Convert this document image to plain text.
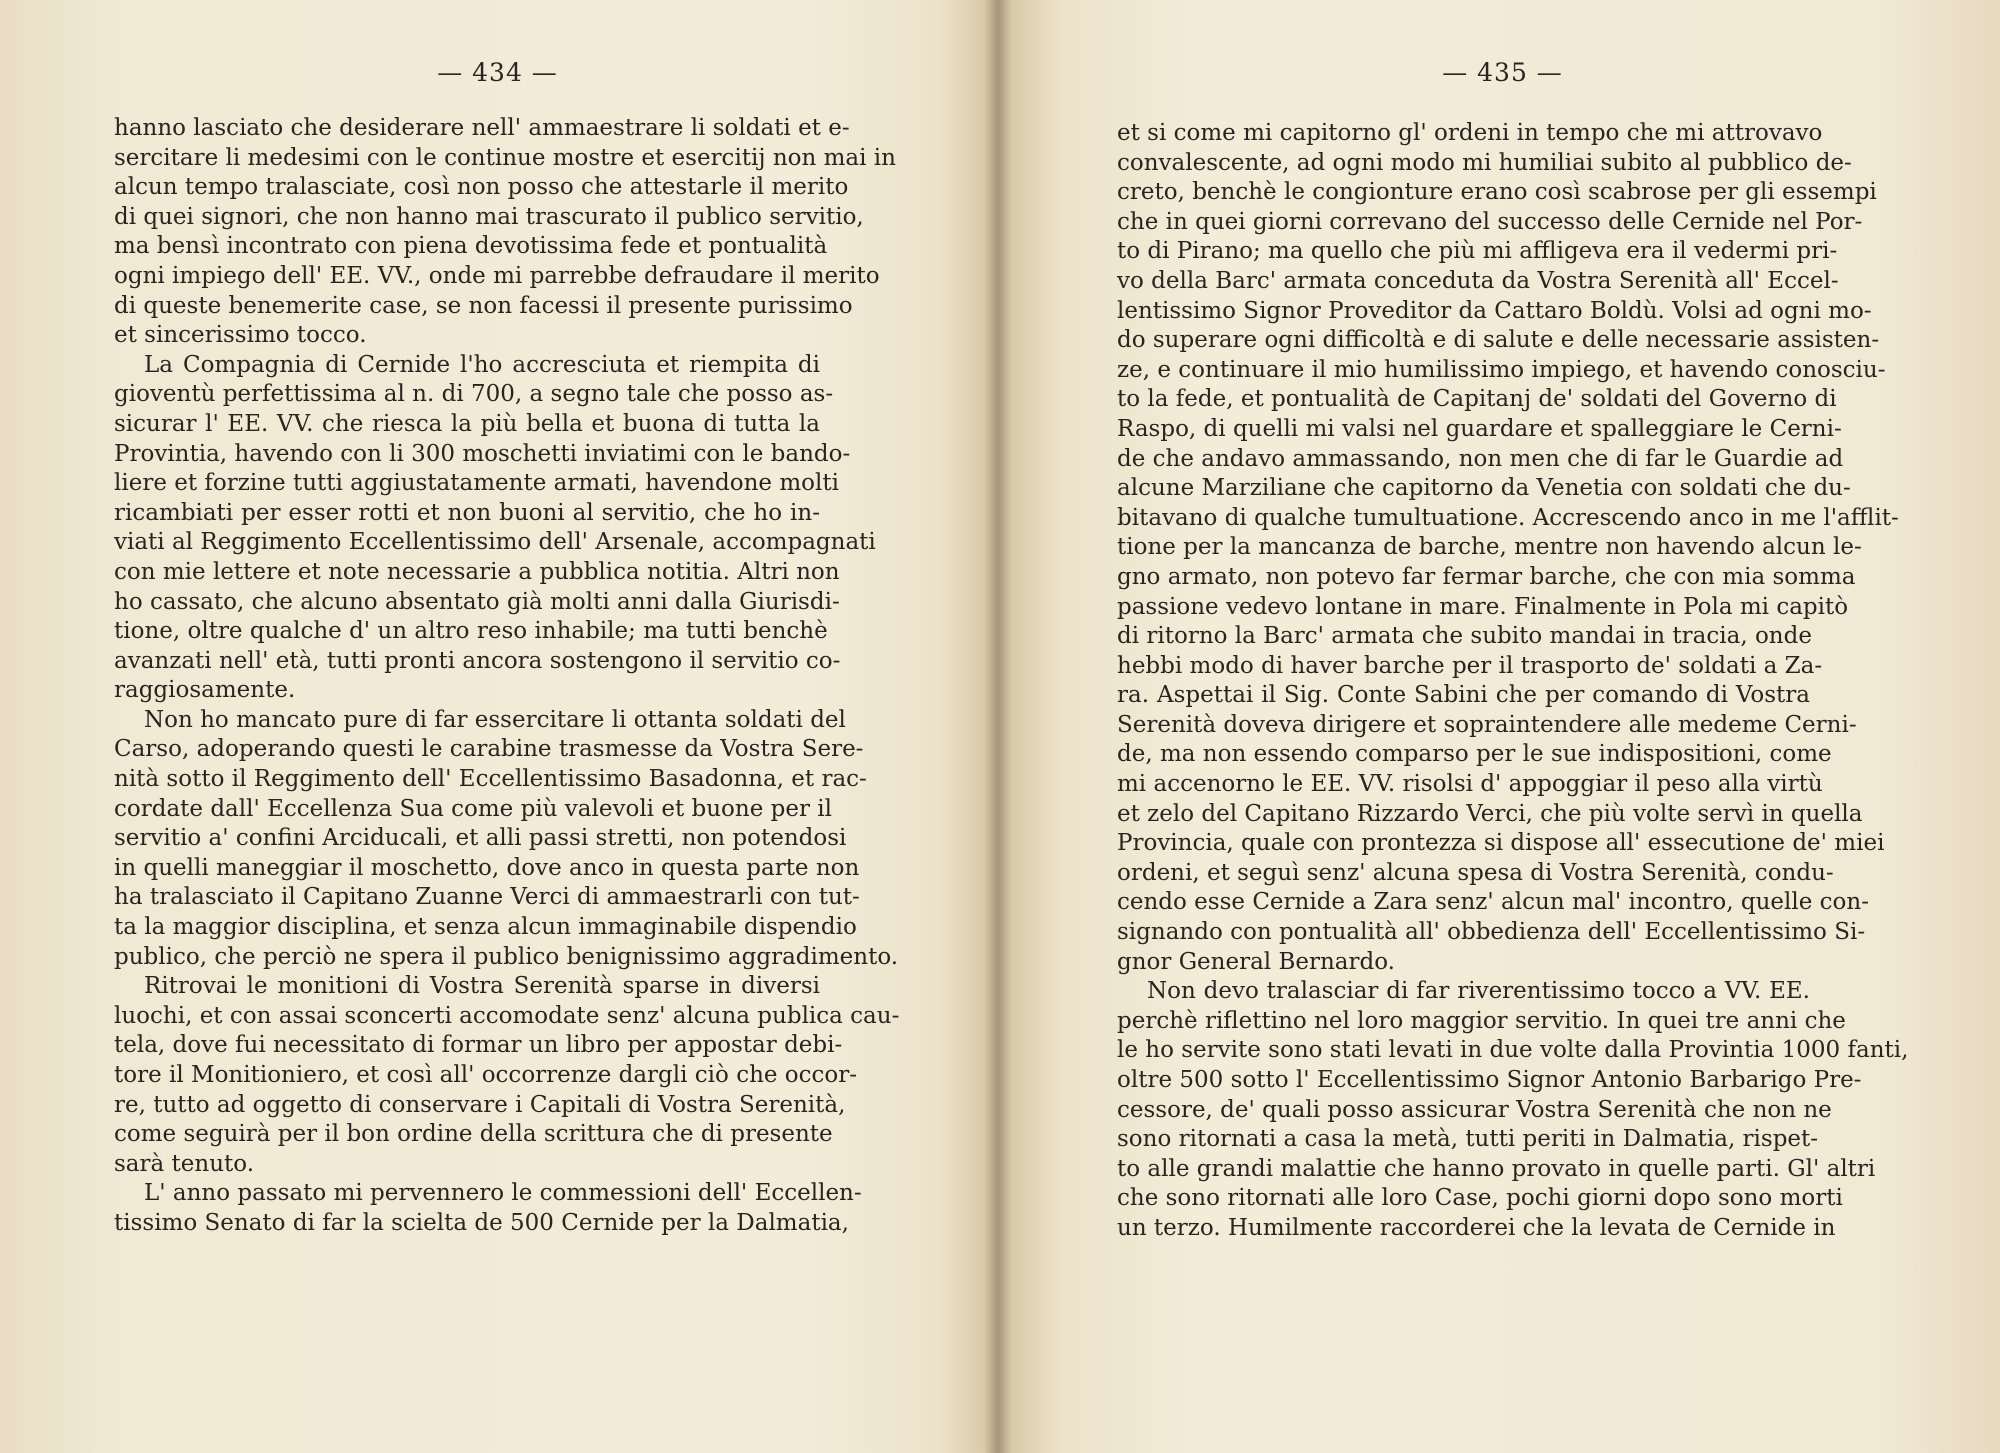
— 434 —
hanno lasciato che desiderare nell' ammaestrare li soldati et e-
sercitare li medesimi con le continue mostre et esercitij non mai in
alcun tempo tralasciate, così non posso che attestarle il merito
di quei signori, che non hanno mai trascurato il publico servitio,
ma bensì incontrato con piena devotissima fede et pontualità
ogni impiego dell' EE. VV., onde mi parrebbe defraudare il merito
di queste benemerite case, se non facessi il presente purissimo
et sincerissimo tocco.
La Compagnia di Cernide l'ho accresciuta et riempita di
gioventù perfettissima al n. di 700, a segno tale che posso as-
sicurar l' EE. VV. che riesca la più bella et buona di tutta la
Provintia, havendo con li 300 moschetti inviatimi con le bando-
liere et forzine tutti aggiustatamente armati, havendone molti
ricambiati per esser rotti et non buoni al servitio, che ho in-
viati al Reggimento Eccellentissimo dell' Arsenale, accompagnati
con mie lettere et note necessarie a pubblica notitia. Altri non
ho cassato, che alcuno absentato già molti anni dalla Giurisdi-
tione, oltre qualche d' un altro reso inhabile; ma tutti benchè
avanzati nell' età, tutti pronti ancora sostengono il servitio co-
raggiosamente.
Non ho mancato pure di far essercitare li ottanta soldati del
Carso, adoperando questi le carabine trasmesse da Vostra Sere-
nità sotto il Reggimento dell' Eccellentissimo Basadonna, et rac-
cordate dall' Eccellenza Sua come più valevoli et buone per il
servitio a' confini Arciducali, et alli passi stretti, non potendosi
in quelli maneggiar il moschetto, dove anco in questa parte non
ha tralasciato il Capitano Zuanne Verci di ammaestrarli con tut-
ta la maggior disciplina, et senza alcun immaginabile dispendio
publico, che perciò ne spera il publico benignissimo aggradimento.
Ritrovai le monitioni di Vostra Serenità sparse in diversi
luochi, et con assai sconcerti accomodate senz' alcuna publica cau-
tela, dove fui necessitato di formar un libro per appostar debi-
tore il Monitioniero, et così all' occorrenze dargli ciò che occor-
re, tutto ad oggetto di conservare i Capitali di Vostra Serenità,
come seguirà per il bon ordine della scrittura che di presente
sarà tenuto.
L' anno passato mi pervennero le commessioni dell' Eccellen-
tissimo Senato di far la scielta de 500 Cernide per la Dalmatia,
— 435 —
et si come mi capitorno gl' ordeni in tempo che mi attrovavo
convalescente, ad ogni modo mi humiliai subito al pubblico de-
creto, benchè le congionture erano così scabrose per gli essempi
che in quei giorni correvano del successo delle Cernide nel Por-
to di Pirano; ma quello che più mi affligeva era il vedermi pri-
vo della Barc' armata conceduta da Vostra Serenità all' Eccel-
lentissimo Signor Proveditor da Cattaro Boldù. Volsi ad ogni mo-
do superare ogni difficoltà e di salute e delle necessarie assisten-
ze, e continuare il mio humilissimo impiego, et havendo conosciu-
to la fede, et pontualità de Capitanj de' soldati del Governo di
Raspo, di quelli mi valsi nel guardare et spalleggiare le Cerni-
de che andavo ammassando, non men che di far le Guardie ad
alcune Marziliane che capitorno da Venetia con soldati che du-
bitavano di qualche tumultuatione. Accrescendo anco in me l'afflit-
tione per la mancanza de barche, mentre non havendo alcun le-
gno armato, non potevo far fermar barche, che con mia somma
passione vedevo lontane in mare. Finalmente in Pola mi capitò
di ritorno la Barc' armata che subito mandai in tracia, onde
hebbi modo di haver barche per il trasporto de' soldati a Za-
ra. Aspettai il Sig. Conte Sabini che per comando di Vostra
Serenità doveva dirigere et sopraintendere alle medeme Cerni-
de, ma non essendo comparso per le sue indispositioni, come
mi accenorno le EE. VV. risolsi d' appoggiar il peso alla virtù
et zelo del Capitano Rizzardo Verci, che più volte servì in quella
Provincia, quale con prontezza si dispose all' essecutione de' miei
ordeni, et seguì senz' alcuna spesa di Vostra Serenità, condu-
cendo esse Cernide a Zara senz' alcun mal' incontro, quelle con-
signando con pontualità all' obbedienza dell' Eccellentissimo Si-
gnor General Bernardo.
Non devo tralasciar di far riverentissimo tocco a VV. EE.
perchè riflettino nel loro maggior servitio. In quei tre anni che
le ho servite sono stati levati in due volte dalla Provintia 1000 fanti,
oltre 500 sotto l' Eccellentissimo Signor Antonio Barbarigo Pre-
cessore, de' quali posso assicurar Vostra Serenità che non ne
sono ritornati a casa la metà, tutti periti in Dalmatia, rispet-
to alle grandi malattie che hanno provato in quelle parti. Gl' altri
che sono ritornati alle loro Case, pochi giorni dopo sono morti
un terzo. Humilmente raccorderei che la levata de Cernide in
